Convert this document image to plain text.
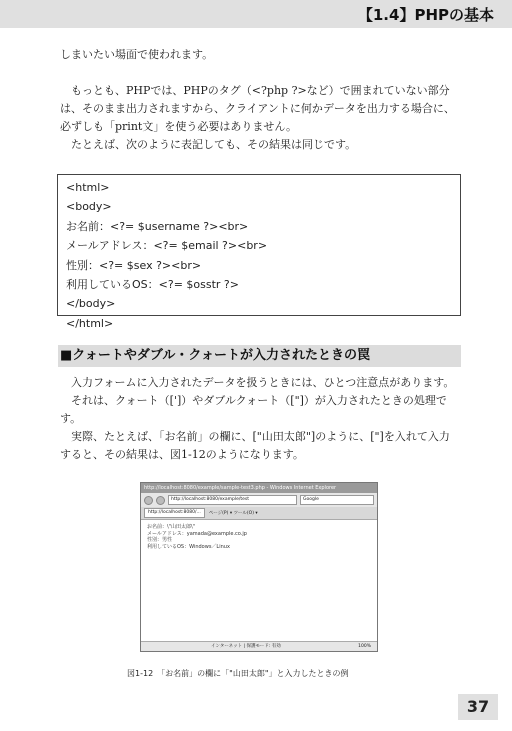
【1.4】PHPの基本

しまいたい場面で使われます。

　もっとも、PHPでは、PHPのタグ（<?php ?>など）で囲まれていない部分は、そのまま出力されますから、クライアントに何かデータを出力する場合に、必ずしも「print文」を使う必要はありません。

　たとえば、次のように表記しても、その結果は同じです。

<html>
<body>
お名前：<?= $username ?><br>
メールアドレス：<?= $email ?><br>
性別：<?= $sex ?><br>
利用しているOS：<?= $osstr ?>
</body>
</html>
■クォートやダブル・クォートが入力されたときの罠

　入力フォームに入力されたデータを扱うときには、ひとつ注意点があります。

　それは、クォート（[']）やダブルクォート（["]）が入力されたときの処理です。

　実際、たとえば、「お名前」の欄に、["山田太郎"]のように、["]を入れて入力すると、その結果は、図1-12のようになります。

http://localhost:8080/example/sample-test3.php - Windows Internet Explorer
http://localhost:8080/example/test	Google
http://localhost:8080/...	ページ(P) ▾ ツール(O) ▾
お名前：\"山田太郎\"
メールアドレス：yamada@example.co.jp
性別：男性
利用しているOS：Windows／Linux
インターネット | 保護モード: 有効	100%
図1-12　「お名前」の欄に「"山田太郎"」と入力したときの例
37
